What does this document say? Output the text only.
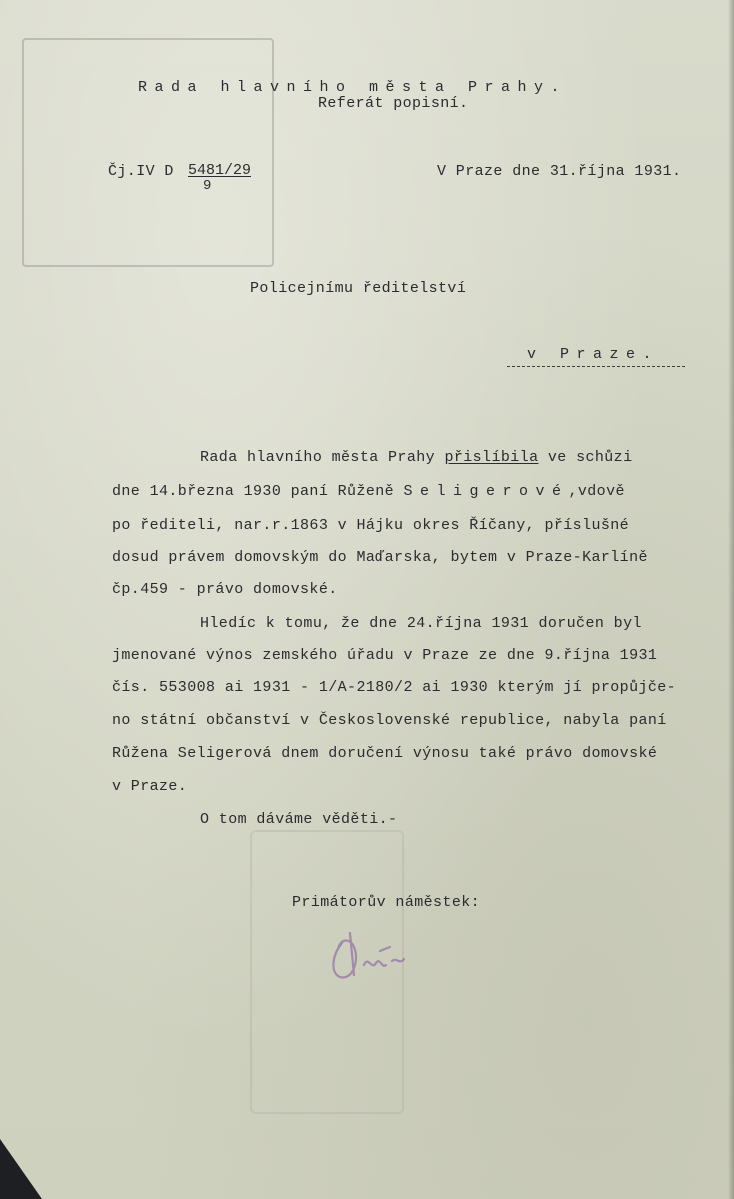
Rada hlavního města Prahy.
Referát popisní.
Čj.IV D 5481/29
9
V Praze dne 31.října 1931.
Policejnímu ředitelství
v Praze.
Rada hlavního města Prahy přislíbila ve schůzi
dne 14.března 1930 paní Růženě Seligerové,vdově
po řediteli, nar.r.1863 v Hájku okres Říčany, příslušné
dosud právem domovským do Maďarska, bytem v Praze-Karlíně
čp.459 - právo domovské.
Hledíc k tomu, že dne 24.října 1931 doručen byl
jmenované výnos zemského úřadu v Praze ze dne 9.října 1931
čís. 553008 ai 1931 - 1/A-2180/2 ai 1930 kterým jí propůjče-
no státní občanství v Československé republice, nabyla paní
Růžena Seligerová dnem doručení výnosu také právo domovské
v Praze.
O tom dáváme věděti.-
Primátorův náměstek:
